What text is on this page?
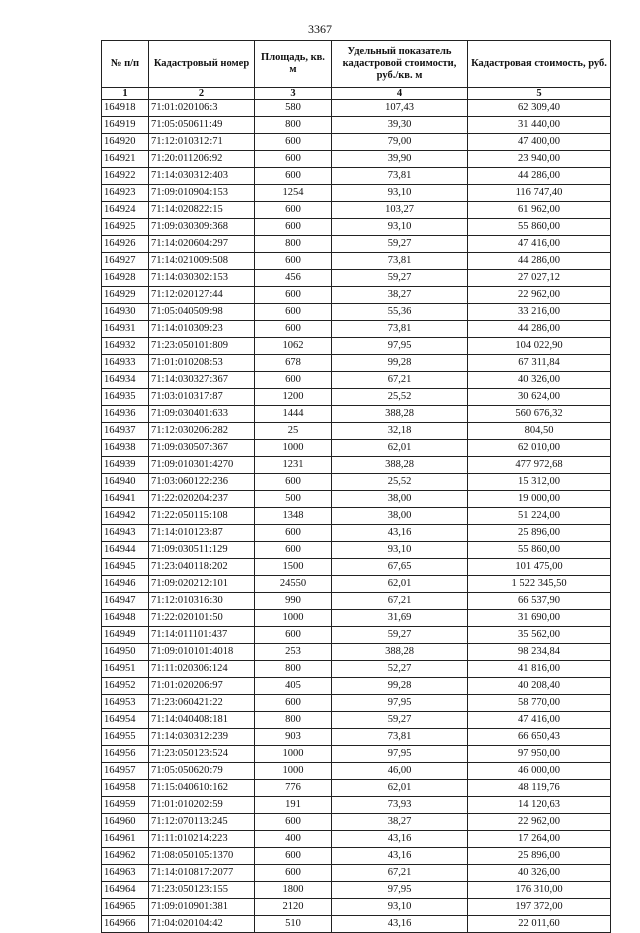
3367
№ п/п	Кадастровый номер	Площадь, кв. м	Удельный показатель кадастровой стоимости, руб./кв. м	Кадастровая стоимость, руб.
1	2	3	4	5
164918	71:01:020106:3	580	107,43	62 309,40
164919	71:05:050611:49	800	39,30	31 440,00
164920	71:12:010312:71	600	79,00	47 400,00
164921	71:20:011206:92	600	39,90	23 940,00
164922	71:14:030312:403	600	73,81	44 286,00
164923	71:09:010904:153	1254	93,10	116 747,40
164924	71:14:020822:15	600	103,27	61 962,00
164925	71:09:030309:368	600	93,10	55 860,00
164926	71:14:020604:297	800	59,27	47 416,00
164927	71:14:021009:508	600	73,81	44 286,00
164928	71:14:030302:153	456	59,27	27 027,12
164929	71:12:020127:44	600	38,27	22 962,00
164930	71:05:040509:98	600	55,36	33 216,00
164931	71:14:010309:23	600	73,81	44 286,00
164932	71:23:050101:809	1062	97,95	104 022,90
164933	71:01:010208:53	678	99,28	67 311,84
164934	71:14:030327:367	600	67,21	40 326,00
164935	71:03:010317:87	1200	25,52	30 624,00
164936	71:09:030401:633	1444	388,28	560 676,32
164937	71:12:030206:282	25	32,18	804,50
164938	71:09:030507:367	1000	62,01	62 010,00
164939	71:09:010301:4270	1231	388,28	477 972,68
164940	71:03:060122:236	600	25,52	15 312,00
164941	71:22:020204:237	500	38,00	19 000,00
164942	71:22:050115:108	1348	38,00	51 224,00
164943	71:14:010123:87	600	43,16	25 896,00
164944	71:09:030511:129	600	93,10	55 860,00
164945	71:23:040118:202	1500	67,65	101 475,00
164946	71:09:020212:101	24550	62,01	1 522 345,50
164947	71:12:010316:30	990	67,21	66 537,90
164948	71:22:020101:50	1000	31,69	31 690,00
164949	71:14:011101:437	600	59,27	35 562,00
164950	71:09:010101:4018	253	388,28	98 234,84
164951	71:11:020306:124	800	52,27	41 816,00
164952	71:01:020206:97	405	99,28	40 208,40
164953	71:23:060421:22	600	97,95	58 770,00
164954	71:14:040408:181	800	59,27	47 416,00
164955	71:14:030312:239	903	73,81	66 650,43
164956	71:23:050123:524	1000	97,95	97 950,00
164957	71:05:050620:79	1000	46,00	46 000,00
164958	71:15:040610:162	776	62,01	48 119,76
164959	71:01:010202:59	191	73,93	14 120,63
164960	71:12:070113:245	600	38,27	22 962,00
164961	71:11:010214:223	400	43,16	17 264,00
164962	71:08:050105:1370	600	43,16	25 896,00
164963	71:14:010817:2077	600	67,21	40 326,00
164964	71:23:050123:155	1800	97,95	176 310,00
164965	71:09:010901:381	2120	93,10	197 372,00
164966	71:04:020104:42	510	43,16	22 011,60
